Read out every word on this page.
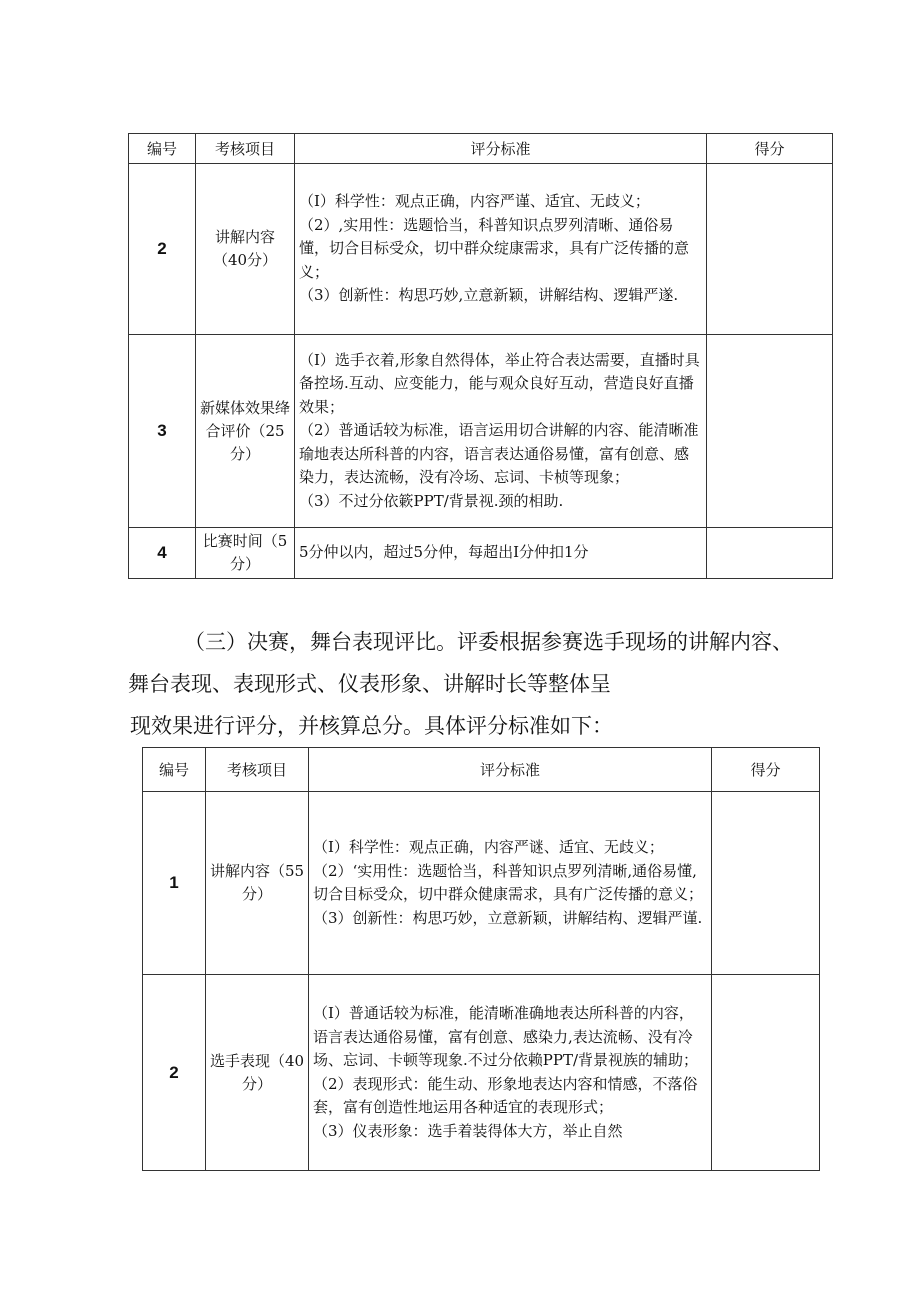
编号	考核项目	评分标准	得分
2	讲解内容（40分）	（I）科学性：观点正确，内容严谨、适宜、无歧义；

（2）,实用性：选题恰当，科普知识点罗列清晰、通俗易懂，切合目标受众，切中群众绽康需求，具有广泛传播的意义；

（3）创新性：构思巧妙,立意新颖，讲解结构、逻辑严遂.	

3	新媒体效果绛合评价（25分）	（I）选手衣着,形象自然得体，举止符合表达需要，直播时具备控场.互动、应变能力，能与观众良好互动，营造良好直播效果；

（2）普通话较为标准，语言运用切合讲解的内容、能清晰准瑜地表达所科普的内容，语言表达通俗易懂，富有创意、感染力，表达流畅，没有冷场、忘词、卡桢等现象；

（3）不过分依簌PPT/背景视.颈的相助.	

4	比赛时间（5分）	5分仲以内，超过5分仲，每超出I分仲扣1分	

（三）决赛，舞台表现评比。评委根据参赛选手现场的讲解内容、

舞台表现、表现形式、仪表形象、讲解时长等整体呈

现效果进行评分，并核算总分。具体评分标准如下：

编号	考核项目	评分标准	得分
1	讲解内容（55分）	（I）科学性：观点正确，内容严谜、适宜、无歧义；

（2）‘实用性：选题恰当，科普知识点罗列清晰,通俗易懂,切合目标受众，切中群众健康需求，具有广泛传播的意义；

（3）创新性：构思巧妙，立意新颖，讲解结构、逻辑严谨.	

2	选手表现（40分）	（I）普通话较为标准，能清晰准确地表达所科普的内容，语言表达通俗易懂，富有创意、感染力,表达流畅、没有冷场、忘词、卡顿等现象.不过分依赖PPT/背景视族的辅助；

（2）表现形式：能生动、形象地表达内容和情感，不落俗套，富有创造性地运用各种适宜的表现形式；

（3）仪表形象：选手着装得体大方，举止自然	
